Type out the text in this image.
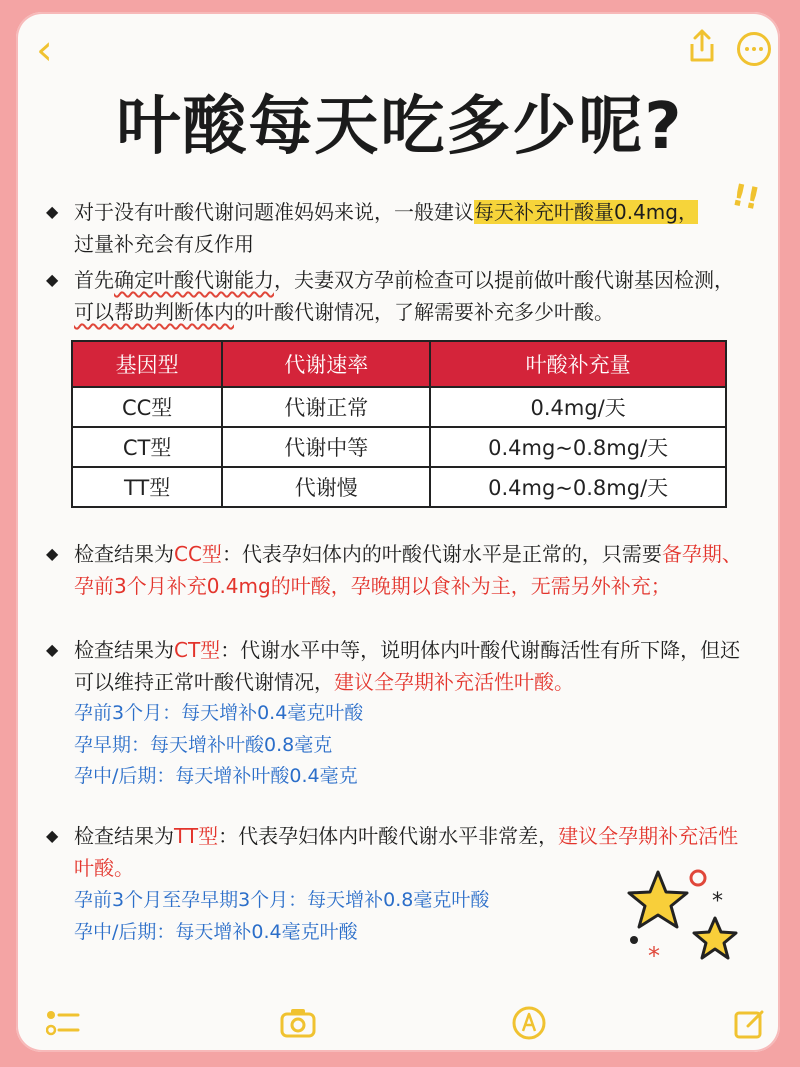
‹
叶酸每天吃多少呢?
◆ 对于没有叶酸代谢问题准妈妈来说，一般建议每天补充叶酸量0.4mg，
过量补充会有反作用
!!
◆ 首先确定叶酸代谢能力，夫妻双方孕前检查可以提前做叶酸代谢基因检测，可以帮助判断体内的叶酸代谢情况，了解需要补充多少叶酸。
基因型	代谢速率	叶酸补充量
CC型	代谢正常	0.4mg/天
CT型	代谢中等	0.4mg~0.8mg/天
TT型	代谢慢	0.4mg~0.8mg/天
◆ 检查结果为CC型：代表孕妇体内的叶酸代谢水平是正常的，只需要备孕期、孕前3个月补充0.4mg的叶酸，孕晚期以食补为主，无需另外补充；
◆ 检查结果为CT型：代谢水平中等，说明体内叶酸代谢酶活性有所下降，但还可以维持正常叶酸代谢情况，建议全孕期补充活性叶酸。
孕前3个月：每天增补0.4毫克叶酸
孕早期：每天增补叶酸0.8毫克
孕中/后期：每天增补叶酸0.4毫克
◆ 检查结果为TT型：代表孕妇体内叶酸代谢水平非常差，建议全孕期补充活性叶酸。
孕前3个月至孕早期3个月：每天增补0.8毫克叶酸
孕中/后期：每天增补0.4毫克叶酸
*
*
